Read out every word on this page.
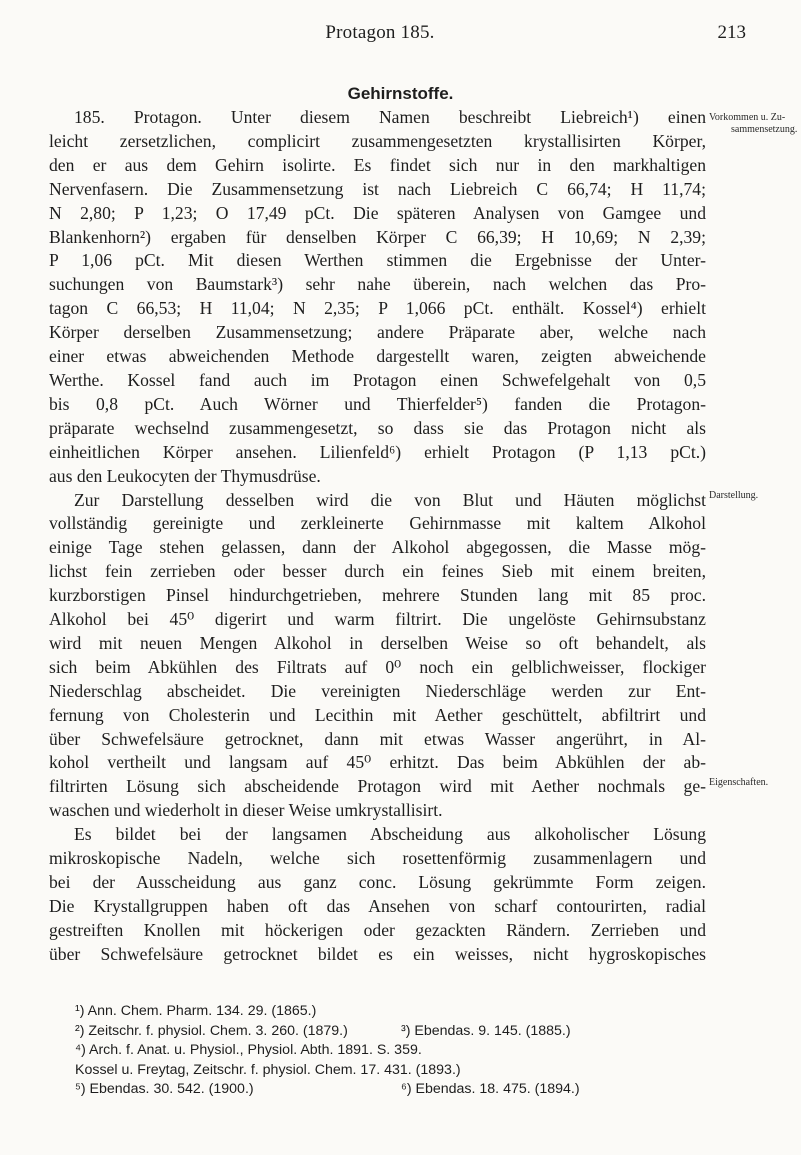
Protagon 185.	213
Gehirnstoffe.
Vorkommen u. Zu-
sammensetzung.
Darstellung.
Eigenschaften.
185. Protagon. Unter diesem Namen beschreibt Liebreich¹) einen
leicht zersetzlichen, complicirt zusammengesetzten krystallisirten Körper,
den er aus dem Gehirn isolirte. Es findet sich nur in den markhaltigen
Nervenfasern. Die Zusammensetzung ist nach Liebreich C 66,74; H 11,74;
N 2,80; P 1,23; O 17,49 pCt. Die späteren Analysen von Gamgee und
Blankenhorn²) ergaben für denselben Körper C 66,39; H 10,69; N 2,39;
P 1,06 pCt. Mit diesen Werthen stimmen die Ergebnisse der Unter-
suchungen von Baumstark³) sehr nahe überein, nach welchen das Pro-
tagon C 66,53; H 11,04; N 2,35; P 1,066 pCt. enthält. Kossel⁴) erhielt
Körper derselben Zusammensetzung; andere Präparate aber, welche nach
einer etwas abweichenden Methode dargestellt waren, zeigten abweichende
Werthe. Kossel fand auch im Protagon einen Schwefelgehalt von 0,5
bis 0,8 pCt. Auch Wörner und Thierfelder⁵) fanden die Protagon-
präparate wechselnd zusammengesetzt, so dass sie das Protagon nicht als
einheitlichen Körper ansehen. Lilienfeld⁶) erhielt Protagon (P 1,13 pCt.)
aus den Leukocyten der Thymusdrüse.
Zur Darstellung desselben wird die von Blut und Häuten möglichst
vollständig gereinigte und zerkleinerte Gehirnmasse mit kaltem Alkohol
einige Tage stehen gelassen, dann der Alkohol abgegossen, die Masse mög-
lichst fein zerrieben oder besser durch ein feines Sieb mit einem breiten,
kurzborstigen Pinsel hindurchgetrieben, mehrere Stunden lang mit 85 proc.
Alkohol bei 45⁰ digerirt und warm filtrirt. Die ungelöste Gehirnsubstanz
wird mit neuen Mengen Alkohol in derselben Weise so oft behandelt, als
sich beim Abkühlen des Filtrats auf 0⁰ noch ein gelblichweisser, flockiger
Niederschlag abscheidet. Die vereinigten Niederschläge werden zur Ent-
fernung von Cholesterin und Lecithin mit Aether geschüttelt, abfiltrirt und
über Schwefelsäure getrocknet, dann mit etwas Wasser angerührt, in Al-
kohol vertheilt und langsam auf 45⁰ erhitzt. Das beim Abkühlen der ab-
filtrirten Lösung sich abscheidende Protagon wird mit Aether nochmals ge-
waschen und wiederholt in dieser Weise umkrystallisirt.
Es bildet bei der langsamen Abscheidung aus alkoholischer Lösung
mikroskopische Nadeln, welche sich rosettenförmig zusammenlagern und
bei der Ausscheidung aus ganz conc. Lösung gekrümmte Form zeigen.
Die Krystallgruppen haben oft das Ansehen von scharf contourirten, radial
gestreiften Knollen mit höckerigen oder gezackten Rändern. Zerrieben und
über Schwefelsäure getrocknet bildet es ein weisses, nicht hygroskopisches
¹) Ann. Chem. Pharm. 134. 29. (1865.)
²) Zeitschr. f. physiol. Chem. 3. 260. (1879.)	³) Ebendas. 9. 145. (1885.)
⁴) Arch. f. Anat. u. Physiol., Physiol. Abth. 1891. S. 359.
Kossel u. Freytag, Zeitschr. f. physiol. Chem. 17. 431. (1893.)
⁵) Ebendas. 30. 542. (1900.)	⁶) Ebendas. 18. 475. (1894.)
